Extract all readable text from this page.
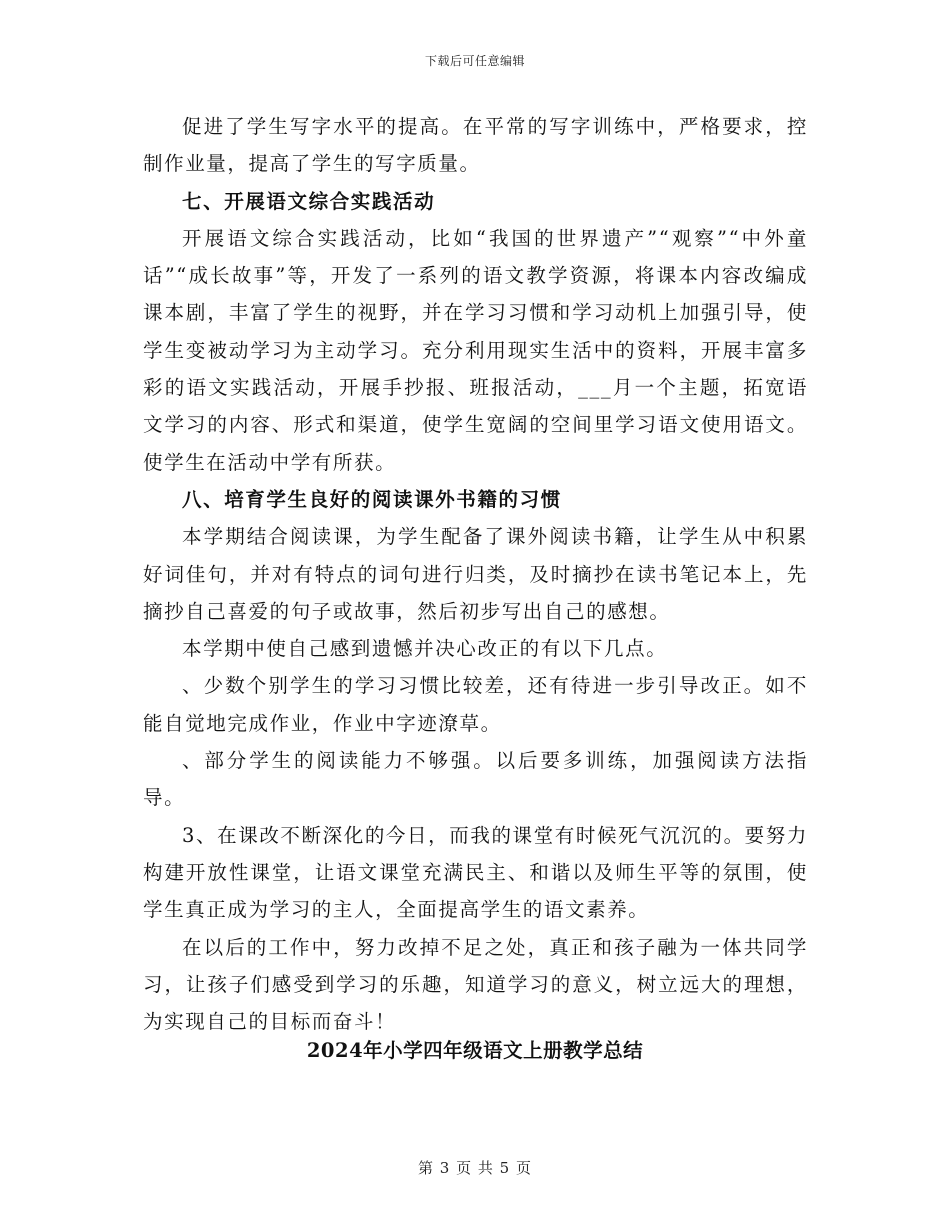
下载后可任意编辑

促进了学生写字水平的提高。在平常的写字训练中，严格要求，控制作业量，提高了学生的写字质量。

七、开展语文综合实践活动

开展语文综合实践活动，比如“我国的世界遗产”“观察”“中外童话”“成长故事”等，开发了一系列的语文教学资源，将课本内容改编成课本剧，丰富了学生的视野，并在学习习惯和学习动机上加强引导，使学生变被动学习为主动学习。充分利用现实生活中的资料，开展丰富多彩的语文实践活动，开展手抄报、班报活动，___月一个主题，拓宽语文学习的内容、形式和渠道，使学生宽阔的空间里学习语文使用语文。使学生在活动中学有所获。

八、培育学生良好的阅读课外书籍的习惯

本学期结合阅读课，为学生配备了课外阅读书籍，让学生从中积累好词佳句，并对有特点的词句进行归类，及时摘抄在读书笔记本上，先摘抄自己喜爱的句子或故事，然后初步写出自己的感想。

本学期中使自己感到遗憾并决心改正的有以下几点。

、少数个别学生的学习习惯比较差，还有待进一步引导改正。如不能自觉地完成作业，作业中字迹潦草。

、部分学生的阅读能力不够强。以后要多训练，加强阅读方法指导。

3、在课改不断深化的今日，而我的课堂有时候死气沉沉的。要努力构建开放性课堂，让语文课堂充满民主、和谐以及师生平等的氛围，使学生真正成为学习的主人，全面提高学生的语文素养。

在以后的工作中，努力改掉不足之处，真正和孩子融为一体共同学习，让孩子们感受到学习的乐趣，知道学习的意义，树立远大的理想，为实现自己的目标而奋斗！

2024年小学四年级语文上册教学总结
第 3 页 共 5 页
